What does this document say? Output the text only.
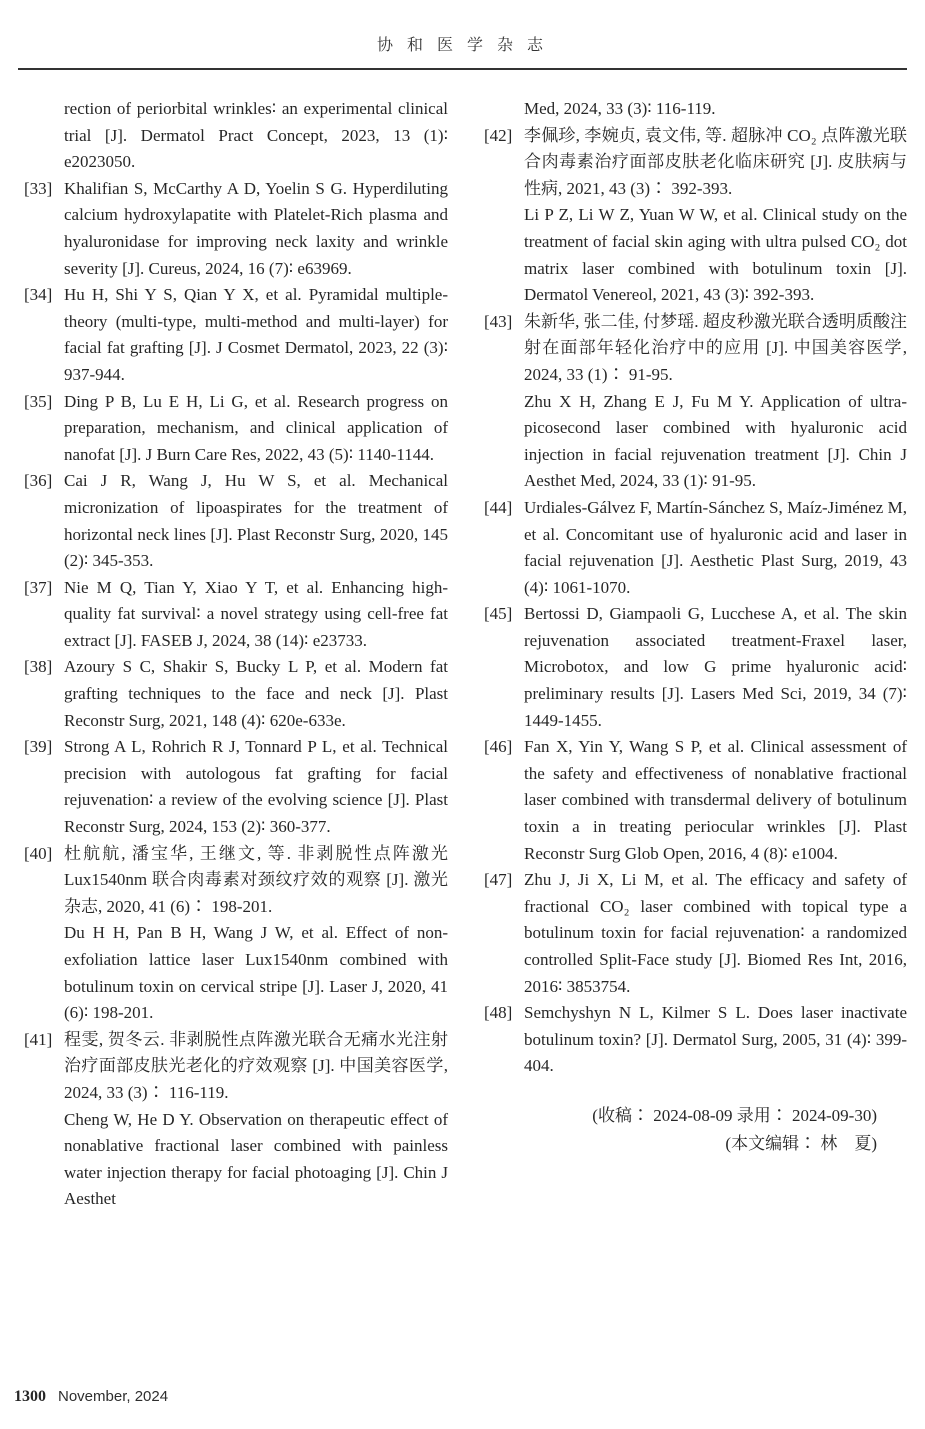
协 和 医 学 杂 志
rection of periorbital wrinkles∶ an experimental clinical trial [J]. Dermatol Pract Concept, 2023, 13 (1)∶ e2023050.
[33] Khalifian S, McCarthy A D, Yoelin S G. Hyperdiluting calcium hydroxylapatite with Platelet-Rich plasma and hyaluronidase for improving neck laxity and wrinkle severity [J]. Cureus, 2024, 16 (7)∶ e63969.
[34] Hu H, Shi Y S, Qian Y X, et al. Pyramidal multiple-theory (multi-type, multi-method and multi-layer) for facial fat grafting [J]. J Cosmet Dermatol, 2023, 22 (3)∶ 937-944.
[35] Ding P B, Lu E H, Li G, et al. Research progress on preparation, mechanism, and clinical application of nanofat [J]. J Burn Care Res, 2022, 43 (5)∶ 1140-1144.
[36] Cai J R, Wang J, Hu W S, et al. Mechanical micronization of lipoaspirates for the treatment of horizontal neck lines [J]. Plast Reconstr Surg, 2020, 145 (2)∶ 345-353.
[37] Nie M Q, Tian Y, Xiao Y T, et al. Enhancing high-quality fat survival∶ a novel strategy using cell-free fat extract [J]. FASEB J, 2024, 38 (14)∶ e23733.
[38] Azoury S C, Shakir S, Bucky L P, et al. Modern fat grafting techniques to the face and neck [J]. Plast Reconstr Surg, 2021, 148 (4)∶ 620e-633e.
[39] Strong A L, Rohrich R J, Tonnard P L, et al. Technical precision with autologous fat grafting for facial rejuvenation∶ a review of the evolving science [J]. Plast Reconstr Surg, 2024, 153 (2)∶ 360-377.
[40] 杜航航, 潘宝华, 王继文, 等. 非剥脱性点阵激光Lux1540nm 联合肉毒素对颈纹疗效的观察 [J]. 激光杂志, 2020, 41 (6)∶ 198-201.
Du H H, Pan B H, Wang J W, et al. Effect of non-exfoliation lattice laser Lux1540nm combined with botulinum toxin on cervical stripe [J]. Laser J, 2020, 41 (6)∶ 198-201.
[41] 程雯, 贺冬云. 非剥脱性点阵激光联合无痛水光注射治疗面部皮肤光老化的疗效观察 [J]. 中国美容医学, 2024, 33 (3)∶ 116-119.
Cheng W, He D Y. Observation on therapeutic effect of nonablative fractional laser combined with painless water injection therapy for facial photoaging [J]. Chin J Aesthet
Med, 2024, 33 (3)∶ 116-119.
[42] 李佩珍, 李婉贞, 袁文伟, 等. 超脉冲 CO₂ 点阵激光联合肉毒素治疗面部皮肤老化临床研究 [J]. 皮肤病与性病, 2021, 43 (3)∶ 392-393.
Li P Z, Li W Z, Yuan W W, et al. Clinical study on the treatment of facial skin aging with ultra pulsed CO₂ dot matrix laser combined with botulinum toxin [J]. Dermatol Venereol, 2021, 43 (3)∶ 392-393.
[43] 朱新华, 张二佳, 付梦瑶. 超皮秒激光联合透明质酸注射在面部年轻化治疗中的应用 [J]. 中国美容医学, 2024, 33 (1)∶ 91-95.
Zhu X H, Zhang E J, Fu M Y. Application of ultra-picosecond laser combined with hyaluronic acid injection in facial rejuvenation treatment [J]. Chin J Aesthet Med, 2024, 33 (1)∶ 91-95.
[44] Urdiales-Gálvez F, Martín-Sánchez S, Maíz-Jiménez M, et al. Concomitant use of hyaluronic acid and laser in facial rejuvenation [J]. Aesthetic Plast Surg, 2019, 43 (4)∶ 1061-1070.
[45] Bertossi D, Giampaoli G, Lucchese A, et al. The skin rejuvenation associated treatment-Fraxel laser, Microbotox, and low G prime hyaluronic acid∶ preliminary results [J]. Lasers Med Sci, 2019, 34 (7)∶ 1449-1455.
[46] Fan X, Yin Y, Wang S P, et al. Clinical assessment of the safety and effectiveness of nonablative fractional laser combined with transdermal delivery of botulinum toxin a in treating periocular wrinkles [J]. Plast Reconstr Surg Glob Open, 2016, 4 (8)∶ e1004.
[47] Zhu J, Ji X, Li M, et al. The efficacy and safety of fractional CO₂ laser combined with topical type a botulinum toxin for facial rejuvenation∶ a randomized controlled Split-Face study [J]. Biomed Res Int, 2016, 2016∶ 3853754.
[48] Semchyshyn N L, Kilmer S L. Does laser inactivate botulinum toxin? [J]. Dermatol Surg, 2005, 31 (4)∶ 399-404.
(收稿∶ 2024-08-09 录用∶ 2024-09-30)
(本文编辑∶ 林　夏)
1300 November, 2024
